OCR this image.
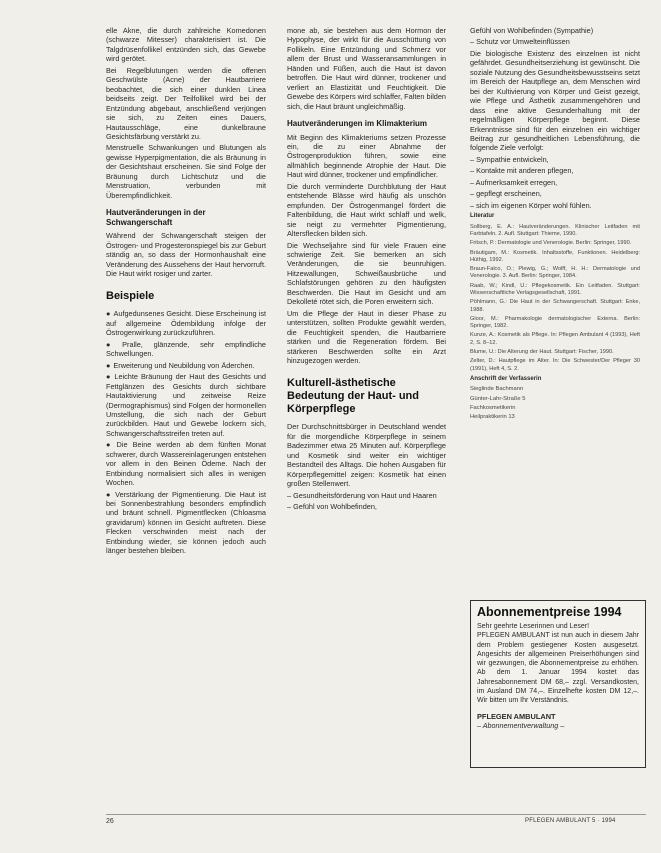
elle Akne, die durch zahlreiche Komedonen (schwarze Mitesser) charakterisiert ist. Die Talgdrüsenfollikel entzünden sich, das Gewebe wird gerötet.

Bei Regelblutungen werden die offenen Geschwülste (Acne) der Hautbarriere beobachtet, die sich einer dunklen Linea beidseits zeigt. Der Teilfollikel wird bei der Entzündung abgebaut, anschließend verjüngen sie sich, zu Zeiten eines Dauers, Hautausschläge, eine dunkelbraune Gesichtsfärbung verstärkt zu.

Menstruelle Schwankungen und Blutungen als gewisse Hyperpigmentation, die als Bräunung in der Gesichtshaut erscheinen. Sie sind Folge der Bräunung durch Lichtschutz und die Menstruation, verbunden mit Überempfindlichkeit.

Hautveränderungen in der Schwangerschaft

Während der Schwangerschaft steigen der Östrogen- und Progesteronspiegel bis zur Geburt ständig an, so dass der Hormonhaushalt eine Veränderung des Aussehens der Haut hervorruft. Die Haut wirkt rosiger und zarter.

Beispiele

● Aufgedunsenes Gesicht. Diese Erscheinung ist auf allgemeine Ödembildung infolge der Östrogenwirkung zurückzuführen.

● Pralle, glänzende, sehr empfindliche Schwellungen.

● Erweiterung und Neubildung von Äderchen.

● Leichte Bräunung der Haut des Gesichts und Fettglänzen des Gesichts durch sichtbare Hautaktivierung und zeitweise Reize (Dermographismus) sind Folgen der hormonellen Umstellung, die sich nach der Geburt zurückbilden. Haut und Gewebe lockern sich, Schwangerschaftsstreifen treten auf.

● Die Beine werden ab dem fünften Monat schwerer, durch Wassereinlagerungen entstehen vor allem in den Beinen Ödeme. Nach der Entbindung normalisiert sich alles in wenigen Wochen.

● Verstärkung der Pigmentierung. Die Haut ist bei Sonnenbestrahlung besonders empfindlich und bräunt schnell. Pigmentflecken (Chloasma gravidarum) können im Gesicht auftreten. Diese Flecken verschwinden meist nach der Entbindung wieder, sie können jedoch auch länger bestehen bleiben.

mone ab, sie bestehen aus dem Hormon der Hypophyse, der wirkt für die Ausschüttung von Follikeln. Eine Entzündung und Schmerz vor allem der Brust und Wasseransammlungen in Händen und Füßen, auch die Haut ist davon betroffen. Die Haut wird dünner, trockener und verliert an Elastizität und Feuchtigkeit. Die Gewebe des Körpers wird schlaffer, Falten bilden sich, die Haut bräunt ungleichmäßig.

Hautveränderungen im Klimakterium

Mit Beginn des Klimakteriums setzen Prozesse ein, die zu einer Abnahme der Östrogenproduktion führen, sowie eine allmählich beginnende Atrophie der Haut. Die Haut wird dünner, trockener und empfindlicher.

Die durch verminderte Durchblutung der Haut entstehende Blässe wird häufig als unschön empfunden. Der Östrogenmangel fördert die Faltenbildung, die Haut wirkt schlaff und welk, sie neigt zu vermehrter Pigmentierung, Altersflecken bilden sich.

Die Wechseljahre sind für viele Frauen eine schwierige Zeit. Sie bemerken an sich Veränderungen, die sie beunruhigen. Hitzewallungen, Schweißausbrüche und Schlafstörungen gehören zu den häufigsten Beschwerden. Die Haut im Gesicht und am Dekolleté rötet sich, die Poren erweitern sich.

Um die Pflege der Haut in dieser Phase zu unterstützen, sollten Produkte gewählt werden, die Feuchtigkeit spenden, die Hautbarriere stärken und die Regeneration fördern. Bei stärkeren Beschwerden sollte ein Arzt hinzugezogen werden.

Kulturell-ästhetische Bedeutung der Haut- und Körperpflege

Der Durchschnittsbürger in Deutschland wendet für die morgendliche Körperpflege in seinem Badezimmer etwa 25 Minuten auf. Körperpflege und Kosmetik sind weiter ein wichtiger Bestandteil des Alltags. Die hohen Ausgaben für Körperpflegemittel zeigen: Kosmetik hat einen großen Stellenwert.

– Gesundheitsförderung von Haut und Haaren

– Gefühl von Wohlbefinden,

Gefühl von Wohlbefinden (Sympathie)

– Schutz vor Umwelteinflüssen

Die biologische Existenz des einzelnen ist nicht gefährdet. Gesundheitserziehung ist gewünscht. Die soziale Nutzung des Gesundheitsbewusstseins setzt im Bereich der Hautpflege an, dem Menschen wird bei der Kultivierung von Körper und Geist gezeigt, wie Pflege und Ästhetik zusammengehören und dass eine aktive Gesunderhaltung mit der regelmäßigen Körperpflege beginnt. Diese Erkenntnisse sind für den einzelnen ein wichtiger Beitrag zur gesundheitlichen Lebensführung, die folgende Ziele verfolgt:

– Sympathie entwickeln,

– Kontakte mit anderen pflegen,

– Aufmerksamkeit erregen,

– gepflegt erscheinen,

– sich im eigenen Körper wohl fühlen.

Literatur

Sollberg, E. A.: Hautveränderungen. Klinischer Leitfaden mit Farbtafeln. 2. Aufl. Stuttgart: Thieme, 1990.

Fritsch, P.: Dermatologie und Venerologie. Berlin: Springer, 1990.

Bräutigam, M.: Kosmetik. Inhaltsstoffe, Funktionen. Heidelberg: Hüthig, 1992.

Braun-Falco, O.; Plewig, G.; Wolff, H. H.: Dermatologie und Venerologie. 3. Aufl. Berlin: Springer, 1984.

Raab, W.; Kindl, U.: Pflegekosmetik. Ein Leitfaden. Stuttgart: Wissenschaftliche Verlagsgesellschaft, 1991.

Pöhlmann, G.: Die Haut in der Schwangerschaft. Stuttgart: Enke, 1988.

Gloor, M.: Pharmakologie dermatologischer Externa. Berlin: Springer, 1982.

Kunze, A.: Kosmetik als Pflege. In: Pflegen Ambulant 4 (1993), Heft 2, S. 8–12.

Blume, U.: Die Alterung der Haut. Stuttgart: Fischer, 1990.

Zelter, D.: Hautpflege im Alter. In: Die Schwester/Der Pfleger 30 (1991), Heft 4, S. 2.

Anschrift der Verfasserin

Sieglinde Bachmann

Günter-Lahr-Straße 5

Fachkosmetikerin

Heilpraktikerin 13

Abonnementpreise 1994

Sehr geehrte Leserinnen und Leser!

PFLEGEN AMBULANT ist nun auch in diesem Jahr dem Problem gestiegener Kosten ausgesetzt. Angesichts der allgemeinen Preiserhöhungen sind wir gezwungen, die Abonnementpreise zu erhöhen. Ab dem 1. Januar 1994 kostet das Jahresabonnement DM 68,– zzgl. Versandkosten, im Ausland DM 74,–. Einzelhefte kosten DM 12,–. Wir bitten um Ihr Verständnis.

PFLEGEN AMBULANT

– Abonnementverwaltung –

26	PFLEGEN AMBULANT 5 · 1994
